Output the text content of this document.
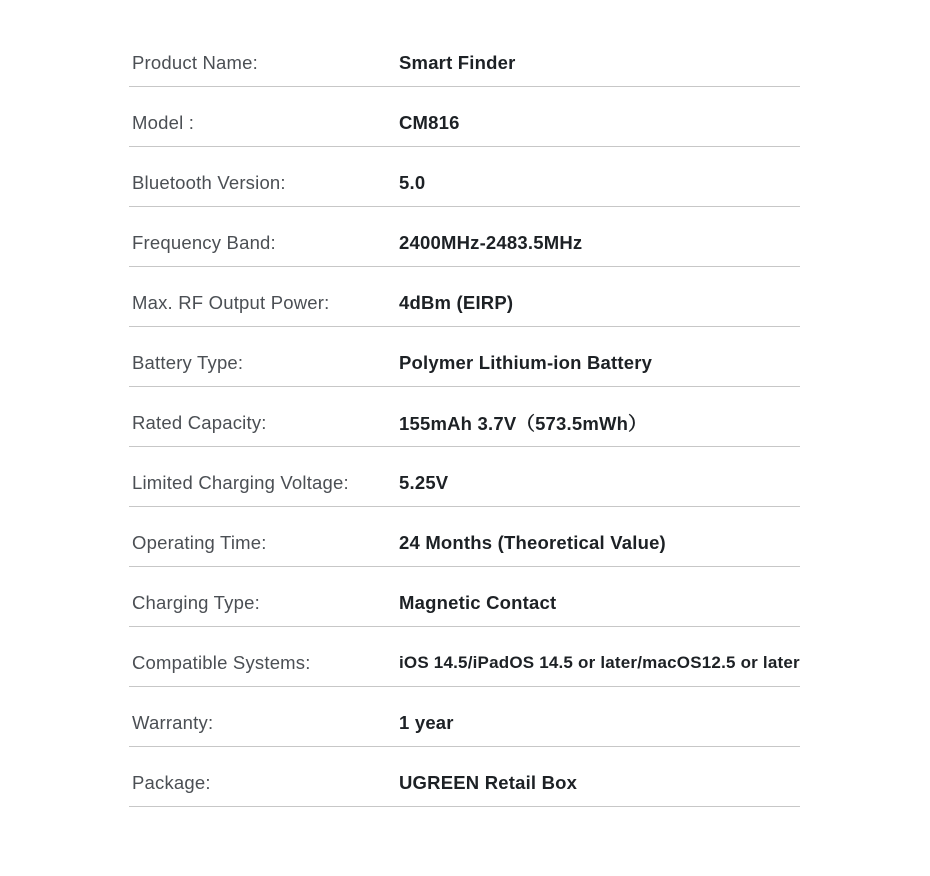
Product Name:	Smart Finder
Model :	CM816
Bluetooth Version:	5.0
Frequency Band:	2400MHz-2483.5MHz
Max. RF Output Power:	4dBm (EIRP)
Battery Type:	Polymer Lithium-ion Battery
Rated Capacity:	155mAh 3.7V（573.5mWh）
Limited Charging Voltage:	5.25V
Operating Time:	24 Months (Theoretical Value)
Charging Type:	Magnetic Contact
Compatible Systems:	iOS 14.5/iPadOS 14.5 or later/macOS12.5 or later
Warranty:	1 year
Package:	UGREEN Retail Box
